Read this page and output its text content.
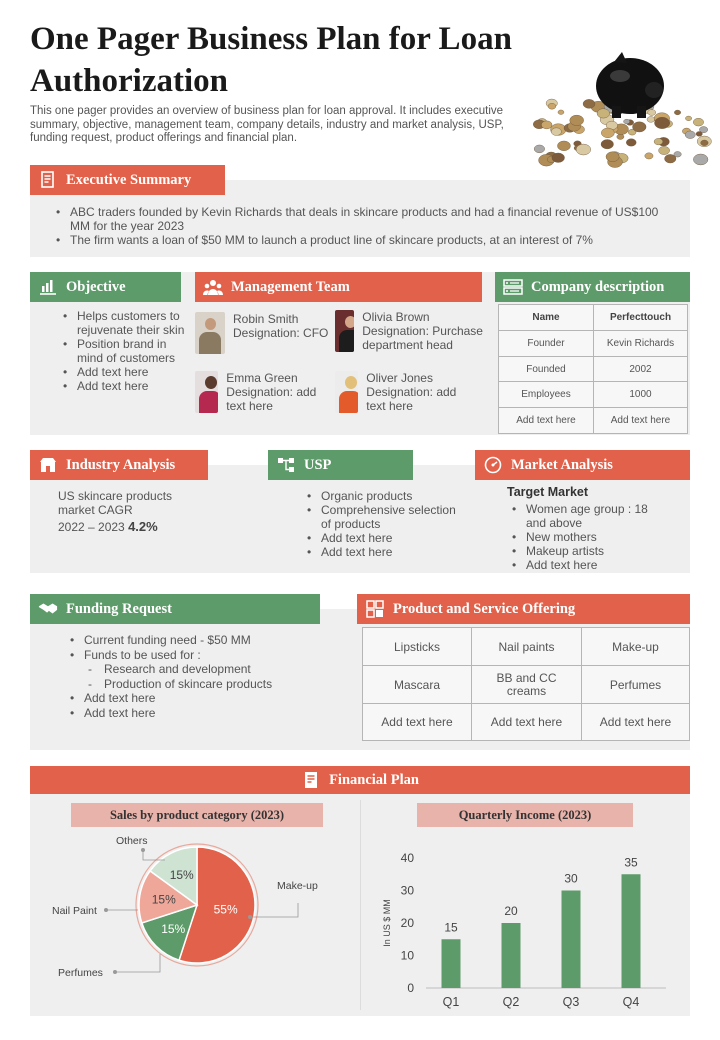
One Pager Business Plan for Loan Authorization
This one pager provides an overview of business plan for loan approval. It includes executive summary, objective, management team, company details, industry and market analysis, USP, funding request, product offerings and financial plan.
Executive Summary
• ABC traders founded by Kevin Richards that deals in skincare products and had a financial revenue of US$100 MM for the year 2023
• The firm wants a loan of $50 MM to launch a product line of skincare products, at an interest of 7%
Objective
• Helps customers to rejuvenate their skin
• Position brand in mind of customers
• Add text here
• Add text here
Management Team
Robin Smith
Designation: CFO
Olivia Brown
Designation: Purchase department head
Emma Green
Designation: add text here
Oliver Jones
Designation: add text here
Company description
Name	Perfecttouch
Founder	Kevin Richards
Founded	2002
Employees	1000
Add text here	Add text here
Industry Analysis
US skincare products market CAGR
2022 – 2023 4.2%
USP
• Organic products
• Comprehensive selection of products
• Add text here
• Add text here
Market Analysis
Target Market
• Women age group : 18 and above
• New mothers
• Makeup artists
• Add text here
Funding Request
• Current funding need - $50 MM
• Funds to be used for :
- Research and development
- Production of skincare products
• Add text here
• Add text here
Product and Service Offering
Lipsticks	Nail paints	Make-up
Mascara	BB and CC creams	Perfumes
Add text here	Add text here	Add text here
Financial Plan
Sales by product category (2023)
55%
Make-up
15%
Perfumes
15%
Nail Paint
15%
Others
Quarterly Income (2023)
0
10
20
30
40
In US $ MM	15
Q1
20
Q2
30
Q3
35
Q4
